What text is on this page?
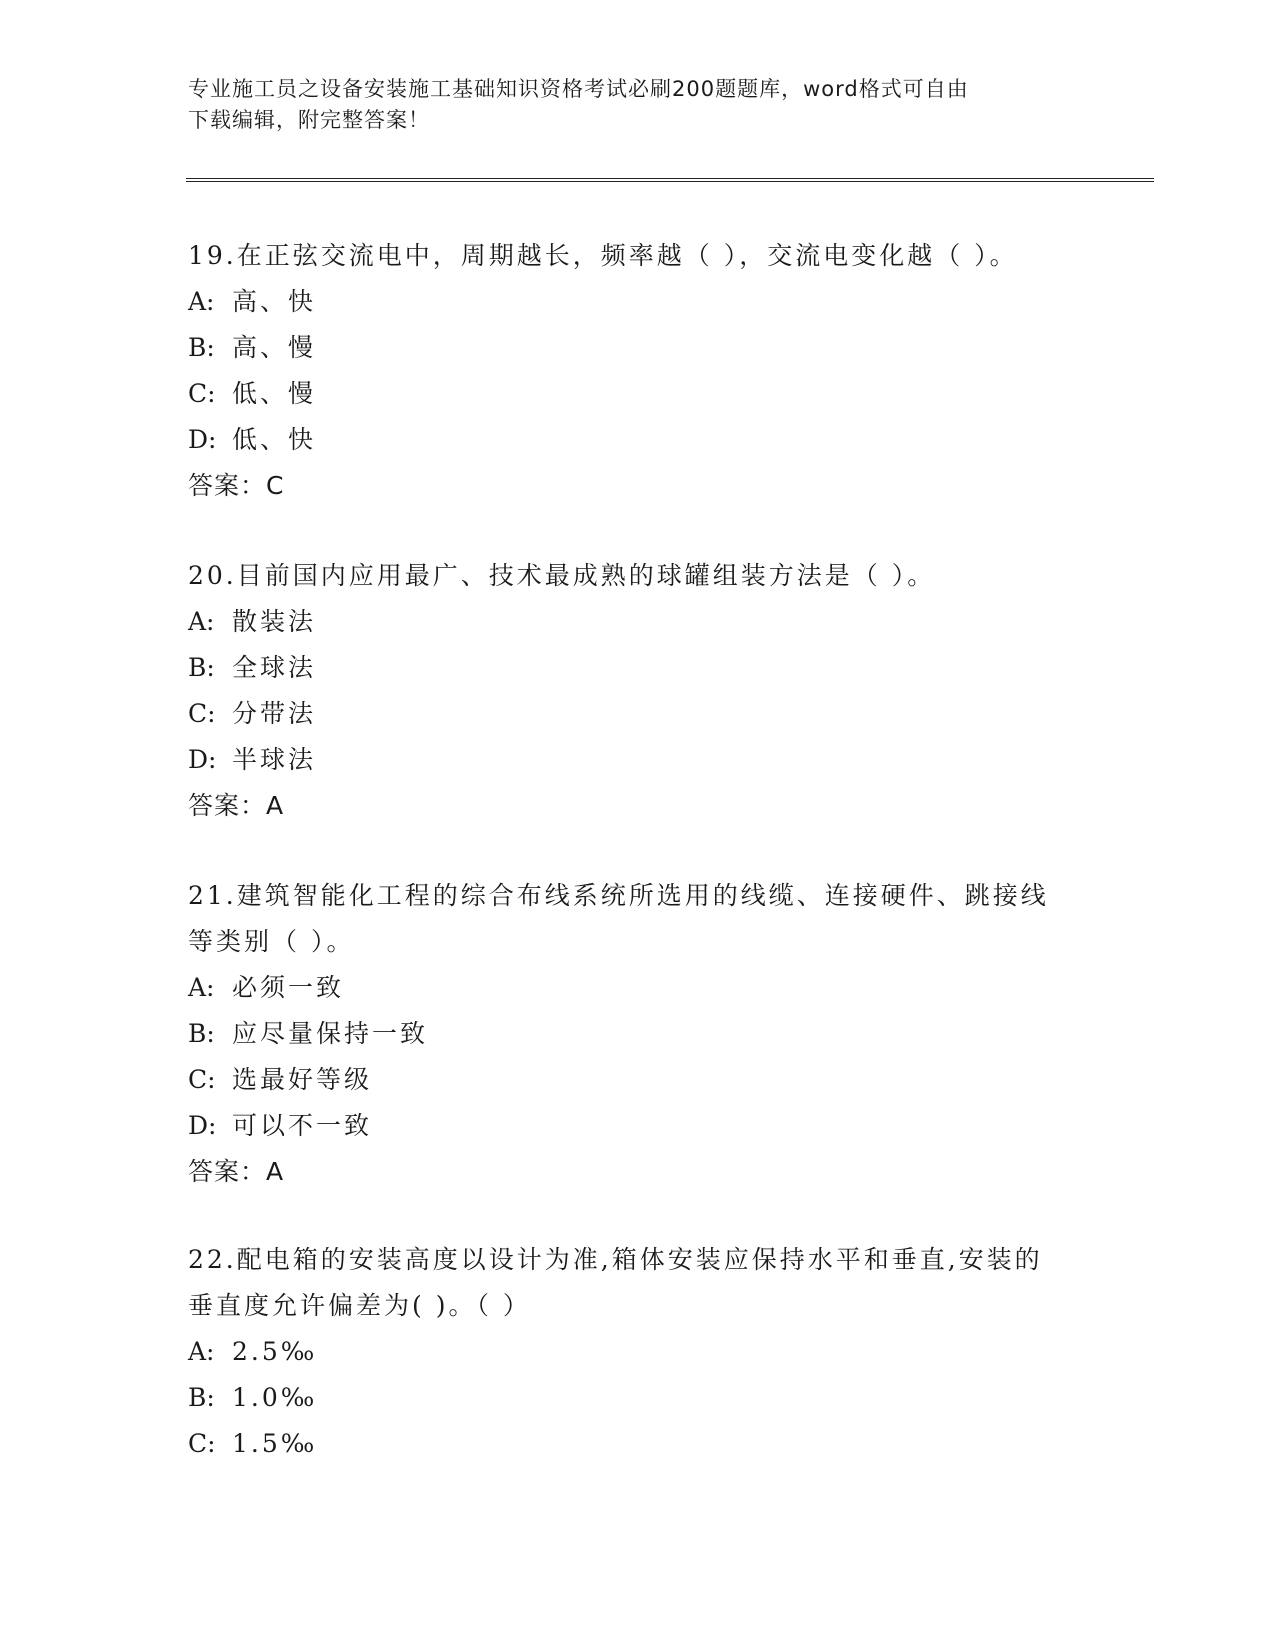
专业施工员之设备安装施工基础知识资格考试必刷200题题库，word格式可自由
下载编辑，附完整答案！
19.在正弦交流电中，周期越长，频率越（ ），交流电变化越（ ）。
A: 高、快
B: 高、慢
C: 低、慢
D: 低、快
答案：C
20.目前国内应用最广、技术最成熟的球罐组装方法是（ ）。
A: 散装法
B: 全球法
C: 分带法
D: 半球法
答案：A
21.建筑智能化工程的综合布线系统所选用的线缆、连接硬件、跳接线
等类别（ ）。
A: 必须一致
B: 应尽量保持一致
C: 选最好等级
D: 可以不一致
答案：A
22.配电箱的安装高度以设计为准,箱体安装应保持水平和垂直,安装的
垂直度允许偏差为( )。（ ）
A: 2.5‰
B: 1.0‰
C: 1.5‰
